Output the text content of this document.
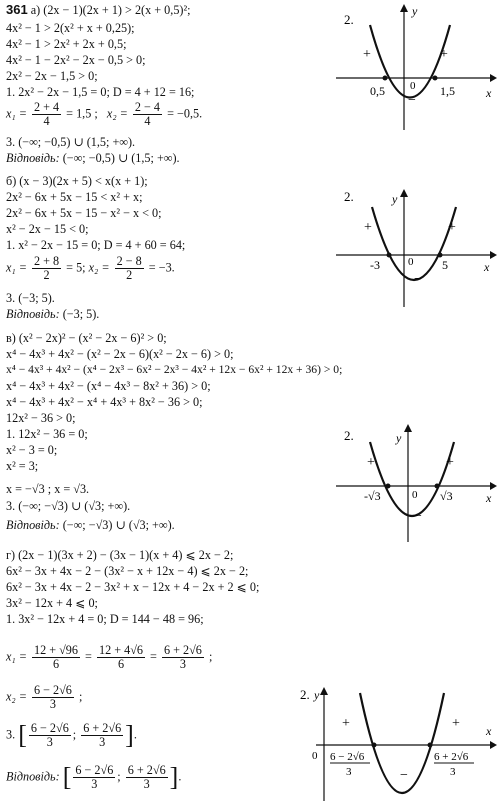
361 а) (2x − 1)(2x + 1) > 2(x + 0,5)²;
4x² − 1 > 2(x² + x + 0,25);
4x² − 1 > 2x² + 2x + 0,5;
4x² − 1 − 2x² − 2x − 0,5 > 0;
2x² − 2x − 1,5 > 0;
1. 2x² − 2x − 1,5 = 0; D = 4 + 12 = 16;
$x_1 = \frac{2 + 4}{4} = 1,5$ ; $x_2 = \frac{2 - 4}{4} = -0,5$.
3. (−∞; −0,5) ∪ (1,5; +∞).
Відповідь: (−∞; −0,5) ∪ (1,5; +∞).
2.
y
x
+	+
−
0
0,5	1,5
б) (x − 3)(2x + 5) < x(x + 1);
2x² − 6x + 5x − 15 < x² + x;
2x² − 6x + 5x − 15 − x² − x < 0;
x² − 2x − 15 < 0;
1. x² − 2x − 15 = 0; D = 4 + 60 = 64;
$x_1 = \frac{2 + 8}{2} = 5$; $x_2 = \frac{2 - 8}{2} = -3$.
3. (−3; 5).
Відповідь: (−3; 5).
2.	y
x
+	+
−
0
-3	5
в) (x² − 2x)² − (x² − 2x − 6)² > 0;
x⁴ − 4x³ + 4x² − (x² − 2x − 6)(x² − 2x − 6) > 0;
x⁴ − 4x³ + 4x² − (x⁴ − 2x³ − 6x² − 2x³ − 4x² + 12x − 6x² + 12x + 36) > 0;
x⁴ − 4x³ + 4x² − (x⁴ − 4x³ − 8x² + 36) > 0;
x⁴ − 4x³ + 4x² − x⁴ + 4x³ + 8x² − 36 > 0;
12x² − 36 > 0;
1. 12x² − 36 = 0;
x² − 3 = 0;
x² = 3;
x = −√3 ; x = √3.
3. (−∞; −√3) ∪ (√3; +∞).
Відповідь: (−∞; −√3) ∪ (√3; +∞).
2.	y
x
+	+
−
0
-√3	√3
г) (2x − 1)(3x + 2) − (3x − 1)(x + 4) ⩽ 2x − 2;
6x² − 3x + 4x − 2 − (3x² − x + 12x − 4) ⩽ 2x − 2;
6x² − 3x + 4x − 2 − 3x² + x − 12x + 4 − 2x + 2 ⩽ 0;
3x² − 12x + 4 ⩽ 0;
1. 3x² − 12x + 4 = 0; D = 144 − 48 = 96;
$x_1 = \frac{12 + √96}{6} = \frac{12 + 4√6}{6} = \frac{6 + 2√6}{3}$ ;
$x_2 = \frac{6 - 2√6}{3}$ ;
3. [ $\frac{6 - 2√6}{3}$ ; $\frac{6 + 2√6}{3}$ ].
Відповідь: [ $\frac{6 - 2√6}{3}$ ; $\frac{6 + 2√6}{3}$ ].
2. y
x
0
+	+
−
6 − 2√6
3
6 + 2√6
3
